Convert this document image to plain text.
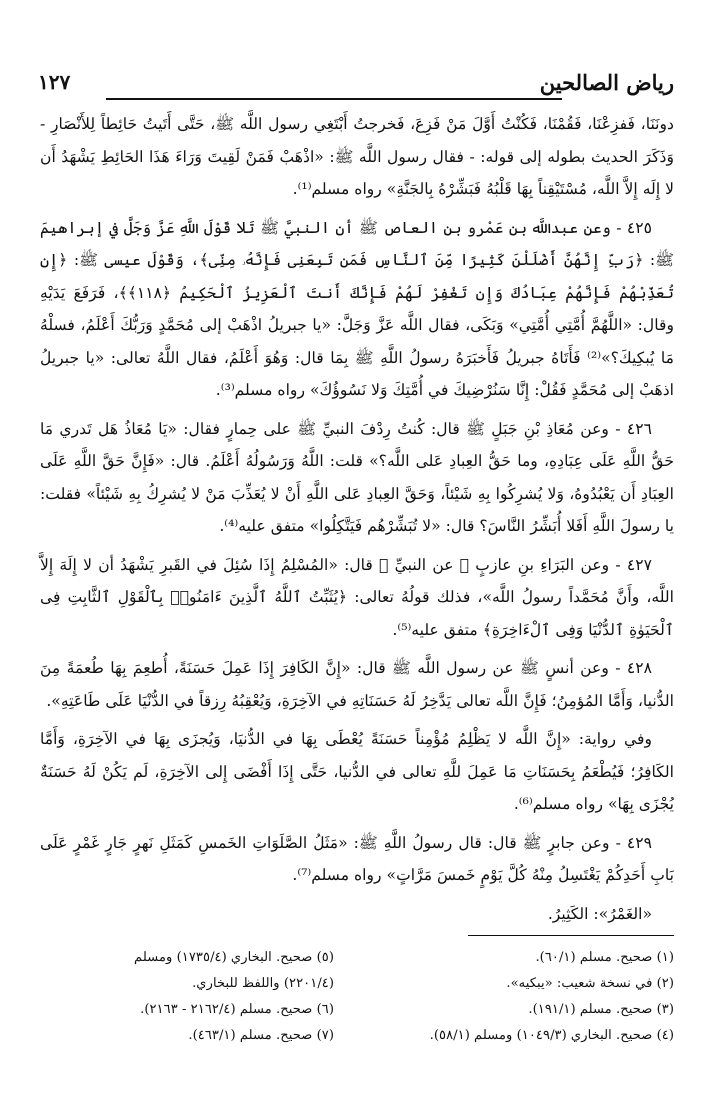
رياض الصالحين
١٢٧

دونَنَا، فَفزِعْنَا، فَقُمْنَا، فَكُنْتُ أَوَّلَ مَنْ فَزِعَ، فَخرجتُ أَبْتَغِي رسول اللَّه ﷺ، حَتَّى أَتَيتُ حَائِطاً لِلأَنْصَارِ - وَذَكَرَ الحديث بطوله إلى قوله: - فقال رسول اللَّه ﷺ: «اذْهَبْ فَمَنْ لَقِيتَ وَرَاءَ هَذَا الحَائِطِ يَشْهَدُ أَن لا إِلَه إِلاَّ اللَّه، مُسْتَيْقِناً بِهَا قَلْبُهُ فَبَشِّرْهُ بِالجَنَّةِ» رواه مسلم⁽¹⁾.

٤٢٥ - وعن عبداللَّه بن عَمْرو بن العاص ﷺ أن النبيَّ ﷺ تَلا قَوْلَ اللَّهِ عَزَّ وَجَلَّ في إبراهيمَ ﷺ: ﴿رَبِّ إِنَّهُنَّ أَضْلَلْنَ كَثِيرًا مِّنَ ٱلنَّاسِ فَمَن تَبِعَنِى فَإِنَّهُۥ مِنِّى﴾، وَقَوْلَ عيسى ﷺ: ﴿إِن تُعَذِّبْهُمْ فَإِنَّهُمْ عِبَادُكَ وَإِن تَغْفِرْ لَهُمْ فَإِنَّكَ أَنتَ ٱلْعَزِيزُ ٱلْحَكِيمُ ﴿١١٨﴾﴾، فَرَفَعَ يَدَيْهِ وقال: «اللَّهُمَّ أُمَّتِي أُمَّتِي» وَبَكَى، فقال اللَّه عَزَّ وَجَلَّ: «يا جبريلُ اذْهَبْ إلى مُحَمَّدٍ وَرَبُّكَ أَعْلَمُ، فسلْهُ مَا يُبكِيكَ؟»⁽²⁾ فَأَتَاهُ جبريلُ فَأَخبَرَهُ رسولُ اللَّهِ ﷺ بِمَا قال: وَهُوَ أَعْلَمُ، فقال اللَّهُ تعالى: «يا جبريلُ اذهَبْ إلى مُحَمَّدٍ فَقُلْ: إِنَّا سَنُرْضِيكَ في أُمَّتِكَ وَلا نَسُوؤُكَ» رواه مسلم⁽³⁾.

٤٢٦ - وعن مُعَاذِ بْنِ جَبَلٍ ﷺ قال: كُنتُ رِدْفَ النبيِّ ﷺ على حِمارٍ فقال: «يَا مُعَاذُ هَل تَدري مَا حَقُّ اللَّهِ عَلَى عِبَادِهِ، وما حَقُّ العِبادِ عَلى اللَّه؟» قلت: اللَّهُ وَرَسُولُهُ أَعْلَمُ. قال: «فَإِنَّ حَقَّ اللَّهِ عَلَى العِبَادِ أَن يَعْبُدُوهُ، وَلا يُشرِكُوا بِهِ شَيْئاً، وَحَقَّ العِبادِ عَلى اللَّهِ أَنْ لا يُعَذِّبَ مَنْ لا يُشرِكُ بِهِ شَيْئاً» فقلت: يا رسولَ اللَّهِ أَفَلا أُبَشِّرُ النَّاسَ؟ قال: «لا تُبَشِّرْهُم فَيَتَّكِلُوا» متفق عليه⁽⁴⁾.

٤٢٧ - وعن البَرَاءِ بنِ عازبٍ ﷺ عن النبيِّ ﷺ قال: «المُسْلِمُ إِذَا سُئِلَ في القَبرِ يَشْهَدُ أن لا إِلَهَ إِلاَّ اللَّه، وأَنَّ مُحَمَّداً رسولُ اللَّه»، فذلك قولُهُ تعالى: ﴿يُثَبِّتُ ٱللَّهُ ٱلَّذِينَ ءَامَنُوا۟ بِٱلْقَوْلِ ٱلثَّابِتِ فِى ٱلْحَيَوٰةِ ٱلدُّنْيَا وَفِى ٱلْءَاخِرَةِ﴾ متفق عليه⁽⁵⁾.

٤٢٨ - وعن أنسٍ ﷺ عن رسول اللَّه ﷺ قال: «إِنَّ الكَافِرَ إِذَا عَمِلَ حَسَنَةً، أُطعِمَ بِهَا طُعمَةً مِنَ الدُّنيا، وَأَمَّا المُؤمِنُ؛ فَإِنَّ اللَّه تعالى يَدَّخِرُ لَهُ حَسَنَاتِهِ في الآخِرَةِ، وَيُعْقِبُهُ رِزقاً في الدُّنْيَا عَلَى طَاعَتِهِ».

وفي رواية: «إِنَّ اللَّه لا يَظْلِمُ مُؤْمِناً حَسَنَةً يُعْطَى بِهَا في الدُّنيَا، وَيُجزَى بِهَا في الآخِرَةِ، وَأَمَّا الكَافِرُ؛ فَيُطْعَمُ بِحَسَنَاتِ مَا عَمِلَ للَّهِ تعالى في الدُّنيا، حَتَّى إِذَا أَفْضَى إِلى الآخِرَةِ، لَم يَكُنْ لَهُ حَسَنَةٌ يُجْزَى بِهَا» رواه مسلم⁽⁶⁾.

٤٢٩ - وعن جابرٍ ﷺ قال: قال رسولُ اللَّهِ ﷺ: «مَثَلُ الصَّلَوَاتِ الخَمسِ كَمَثَلِ نَهرٍ جَارٍ غَمْرٍ عَلَى بَابِ أَحَدِكُمْ يَغْتَسِلُ مِنْهُ كُلَّ يَوْمٍ خَمسَ مَرَّاتٍ» رواه مسلم⁽⁷⁾.

«الغَمْرُ»: الكَثِيرُ.

(١) صحيح. مسلم (٦٠/١).
(٢) في نسخة شعيب: «يبكيه».
(٣) صحيح. مسلم (١٩١/١).
(٤) صحيح. البخاري (١٠٤٩/٣) ومسلم (٥٨/١).
(٥) صحيح. البخاري (١٧٣٥/٤) ومسلم
(٢٢٠١/٤) واللفظ للبخاري.
(٦) صحيح. مسلم (٢١٦٢/٤ - ٢١٦٣).
(٧) صحيح. مسلم (٤٦٣/١).
